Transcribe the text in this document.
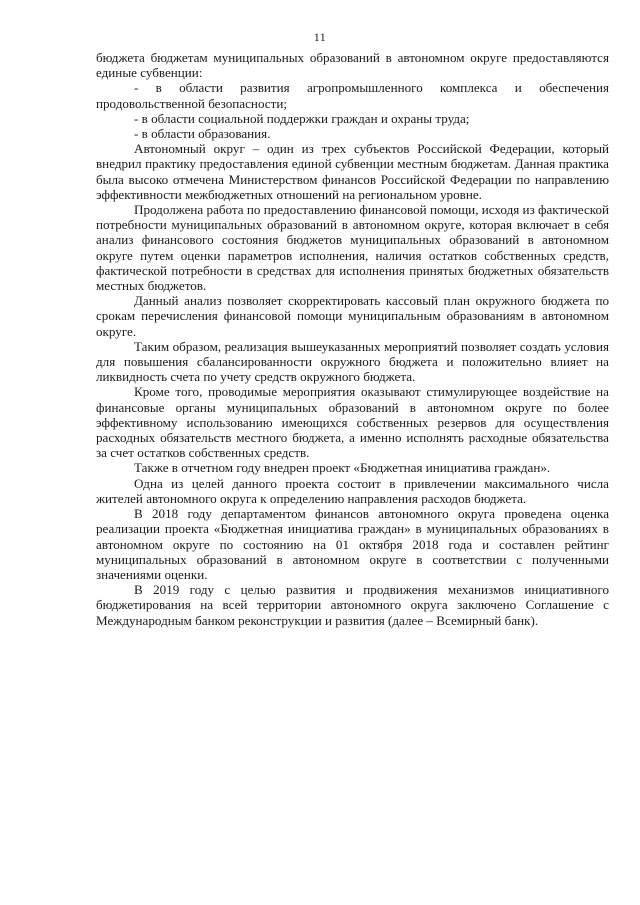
11

бюджета бюджетам муниципальных образований в автономном округе предоставляются единые субвенции:

- в области развития агропромышленного комплекса и обеспечения продовольственной безопасности;

- в области социальной поддержки граждан и охраны труда;

- в области образования.

Автономный округ – один из трех субъектов Российской Федерации, который внедрил практику предоставления единой субвенции местным бюджетам. Данная практика была высоко отмечена Министерством финансов Российской Федерации по направлению эффективности межбюджетных отношений на региональном уровне.

Продолжена работа по предоставлению финансовой помощи, исходя из фактической потребности муниципальных образований в автономном округе, которая включает в себя анализ финансового состояния бюджетов муниципальных образований в автономном округе путем оценки параметров исполнения, наличия остатков собственных средств, фактической потребности в средствах для исполнения принятых бюджетных обязательств местных бюджетов.

Данный анализ позволяет скорректировать кассовый план окружного бюджета по срокам перечисления финансовой помощи муниципальным образованиям в автономном округе.

Таким образом, реализация вышеуказанных мероприятий позволяет создать условия для повышения сбалансированности окружного бюджета и положительно влияет на ликвидность счета по учету средств окружного бюджета.

Кроме того, проводимые мероприятия оказывают стимулирующее воздействие на финансовые органы муниципальных образований в автономном округе по более эффективному использованию имеющихся собственных резервов для осуществления расходных обязательств местного бюджета, а именно исполнять расходные обязательства за счет остатков собственных средств.

Также в отчетном году внедрен проект «Бюджетная инициатива граждан».

Одна из целей данного проекта состоит в привлечении максимального числа жителей автономного округа к определению направления расходов бюджета.

В 2018 году департаментом финансов автономного округа проведена оценка реализации проекта «Бюджетная инициатива граждан» в муниципальных образованиях в автономном округе по состоянию на 01 октября 2018 года и составлен рейтинг муниципальных образований в автономном округе в соответствии с полученными значениями оценки.

В 2019 году с целью развития и продвижения механизмов инициативного бюджетирования на всей территории автономного округа заключено Соглашение с Международным банком реконструкции и развития (далее – Всемирный банк).
